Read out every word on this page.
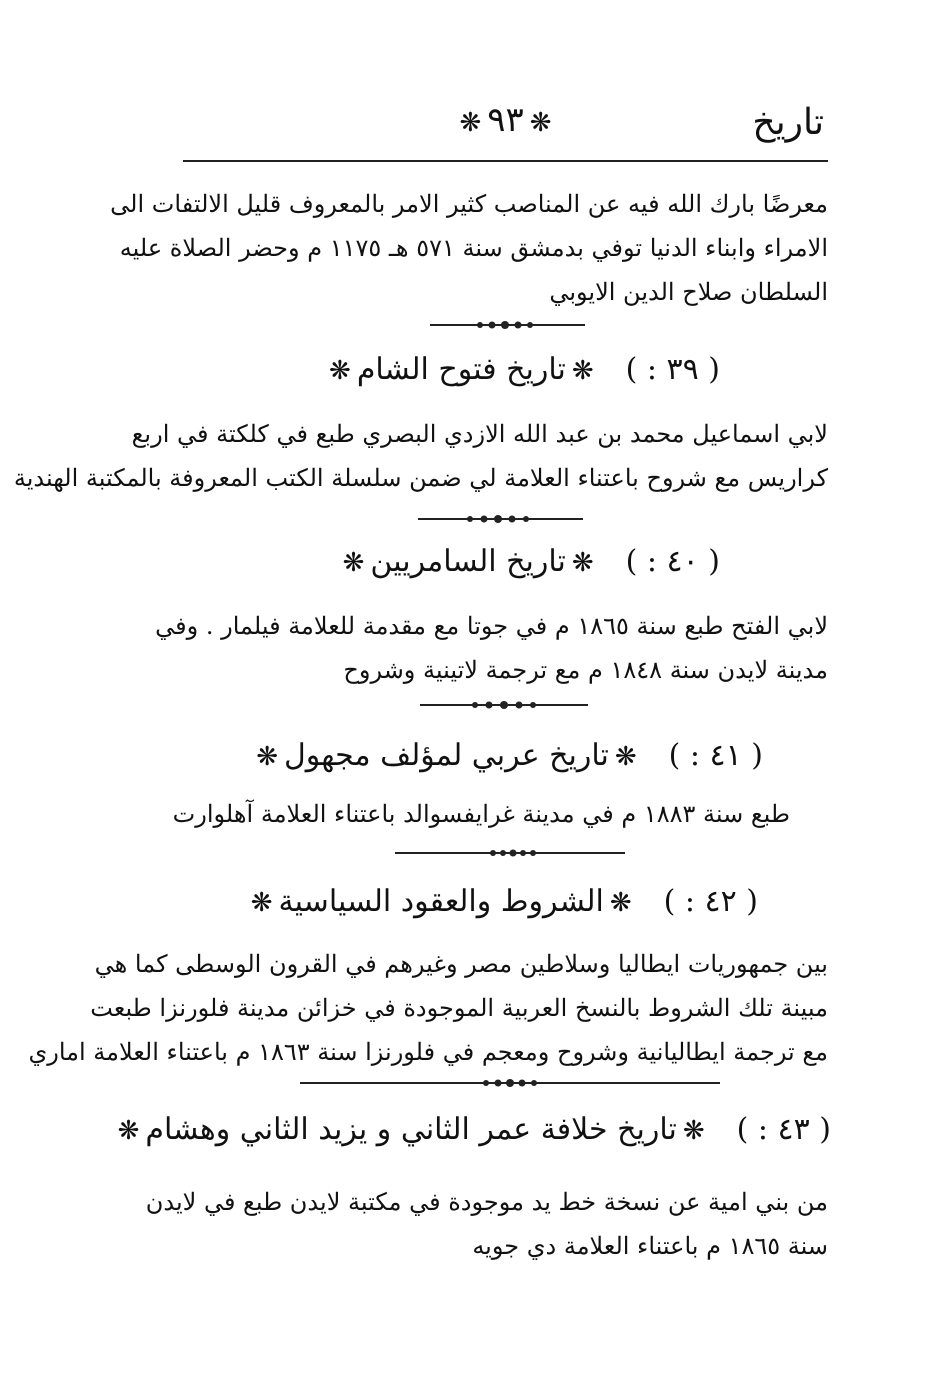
تاريخ
❋ ٩٣ ❋

معرضًا بارك الله فيه عن المناصب كثير الامر بالمعروف قليل الالتفات الى

الامراء وابناء الدنيا توفي بدمشق سنة ٥٧١ هـ ١١٧٥ م وحضر الصلاة عليه

السلطان صلاح الدين الايوبي

( ٣٩ : )❋تاريخ فتوح الشام❋

لابي اسماعيل محمد بن عبد الله الازدي البصري طبع في كلكتة في اربع

كراريس مع شروح باعتناء العلامة لي ضمن سلسلة الكتب المعروفة بالمكتبة الهندية

( ٤٠ : )❋تاريخ السامريين❋

لابي الفتح طبع سنة ١٨٦٥ م في جوتا مع مقدمة للعلامة فيلمار . وفي

مدينة لايدن سنة ١٨٤٨ م مع ترجمة لاتينية وشروح

( ٤١ : )❋تاريخ عربي لمؤلف مجهول❋

طبع سنة ١٨٨٣ م في مدينة غرايفسوالد باعتناء العلامة آهلوارت

( ٤٢ : )❋الشروط والعقود السياسية❋

بين جمهوريات ايطاليا وسلاطين مصر وغيرهم في القرون الوسطى كما هي

مبينة تلك الشروط بالنسخ العربية الموجودة في خزائن مدينة فلورنزا طبعت

مع ترجمة ايطاليانية وشروح ومعجم في فلورنزا سنة ١٨٦٣ م باعتناء العلامة اماري

( ٤٣ : )❋تاريخ خلافة عمر الثاني و يزيد الثاني وهشام❋

من بني امية عن نسخة خط يد موجودة في مكتبة لايدن طبع في لايدن

سنة ١٨٦٥ م باعتناء العلامة دي جويه
